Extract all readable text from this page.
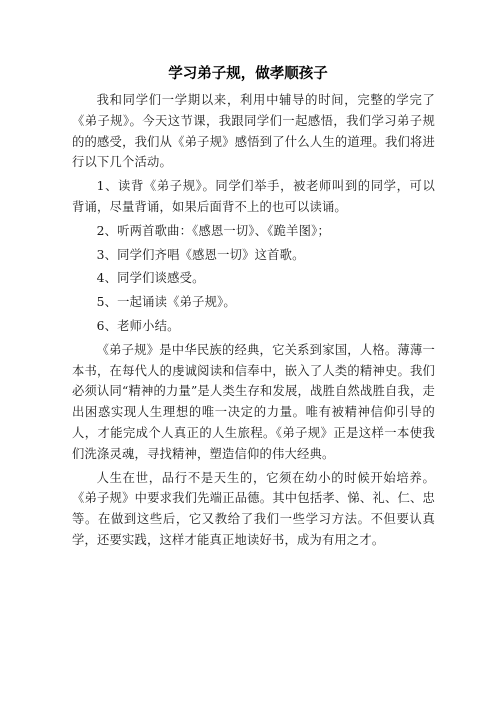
学习弟子规，做孝顺孩子

我和同学们一学期以来，利用中辅导的时间，完整的学完了《弟子规》。今天这节课，我跟同学们一起感悟，我们学习弟子规的的感受，我们从《弟子规》感悟到了什么人生的道理。我们将进行以下几个活动。

1、读背《弟子规》。同学们举手，被老师叫到的同学，可以背诵，尽量背诵，如果后面背不上的也可以读诵。

2、听两首歌曲：《感恩一切》、《跪羊图》；

3、同学们齐唱《感恩一切》这首歌。

4、同学们谈感受。

5、一起诵读《弟子规》。

6、老师小结。

《弟子规》是中华民族的经典，它关系到家国，人格。薄薄一本书，在每代人的虔诚阅读和信奉中，嵌入了人类的精神史。我们必须认同“精神的力量”是人类生存和发展，战胜自然战胜自我，走出困惑实现人生理想的唯一决定的力量。唯有被精神信仰引导的人，才能完成个人真正的人生旅程。《弟子规》正是这样一本使我们洗涤灵魂，寻找精神，塑造信仰的伟大经典。

人生在世，品行不是天生的，它须在幼小的时候开始培养。《弟子规》中要求我们先端正品德。其中包括孝、悌、礼、仁、忠等。在做到这些后，它又教给了我们一些学习方法。不但要认真学，还要实践，这样才能真正地读好书，成为有用之才。
